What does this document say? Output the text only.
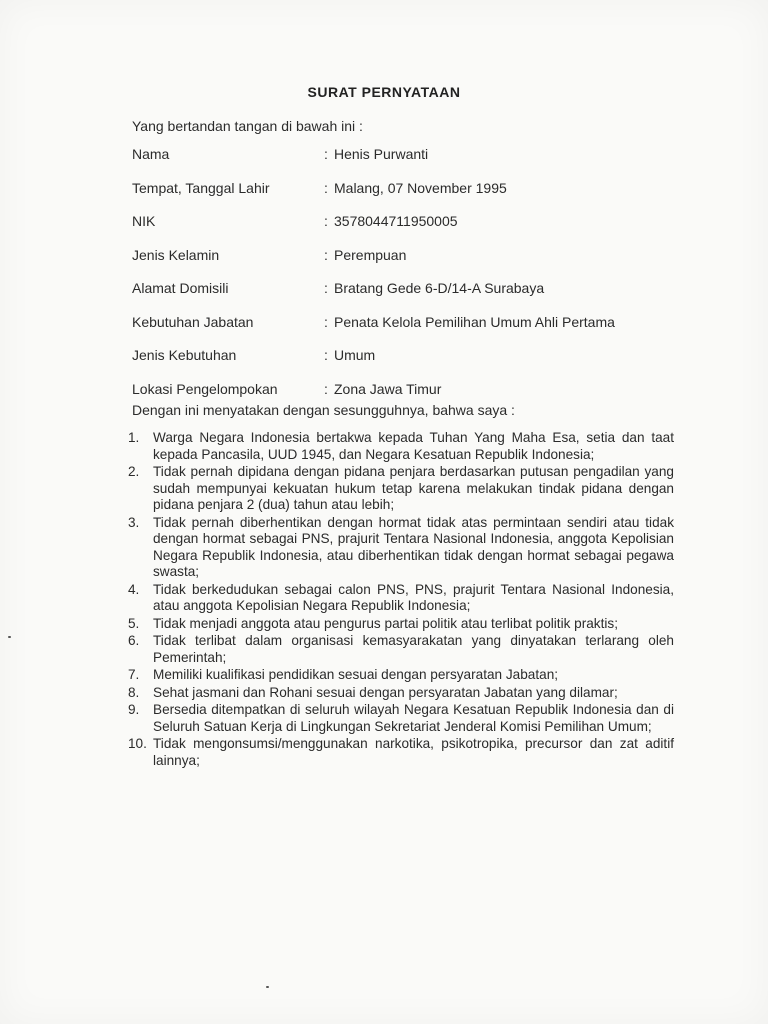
SURAT PERNYATAAN
Yang bertandan tangan di bawah ini :
Nama	: Henis Purwanti
Tempat, Tanggal Lahir	: Malang, 07 November 1995
NIK	: 3578044711950005
Jenis Kelamin	: Perempuan
Alamat Domisili	: Bratang Gede 6-D/14-A Surabaya
Kebutuhan Jabatan	: Penata Kelola Pemilihan Umum Ahli Pertama
Jenis Kebutuhan	: Umum
Lokasi Pengelompokan	: Zona Jawa Timur
Dengan ini menyatakan dengan sesungguhnya, bahwa saya :
1.	Warga Negara Indonesia bertakwa kepada Tuhan Yang Maha Esa, setia dan taat kepada Pancasila, UUD 1945, dan Negara Kesatuan Republik Indonesia;
2.	Tidak pernah dipidana dengan pidana penjara berdasarkan putusan pengadilan yang sudah mempunyai kekuatan hukum tetap karena melakukan tindak pidana dengan pidana penjara 2 (dua) tahun atau lebih;
3.	Tidak pernah diberhentikan dengan hormat tidak atas permintaan sendiri atau tidak dengan hormat sebagai PNS, prajurit Tentara Nasional Indonesia, anggota Kepolisian Negara Republik Indonesia, atau diberhentikan tidak dengan hormat sebagai pegawa swasta;
4.	Tidak berkedudukan sebagai calon PNS, PNS, prajurit Tentara Nasional Indonesia, atau anggota Kepolisian Negara Republik Indonesia;
5.	Tidak menjadi anggota atau pengurus partai politik atau terlibat politik praktis;
6.	Tidak terlibat dalam organisasi kemasyarakatan yang dinyatakan terlarang oleh Pemerintah;
7.	Memiliki kualifikasi pendidikan sesuai dengan persyaratan Jabatan;
8.	Sehat jasmani dan Rohani sesuai dengan persyaratan Jabatan yang dilamar;
9.	Bersedia ditempatkan di seluruh wilayah Negara Kesatuan Republik Indonesia dan di Seluruh Satuan Kerja di Lingkungan Sekretariat Jenderal Komisi Pemilihan Umum;
10. Tidak mengonsumsi/menggunakan narkotika, psikotropika, precursor dan zat aditif lainnya;
